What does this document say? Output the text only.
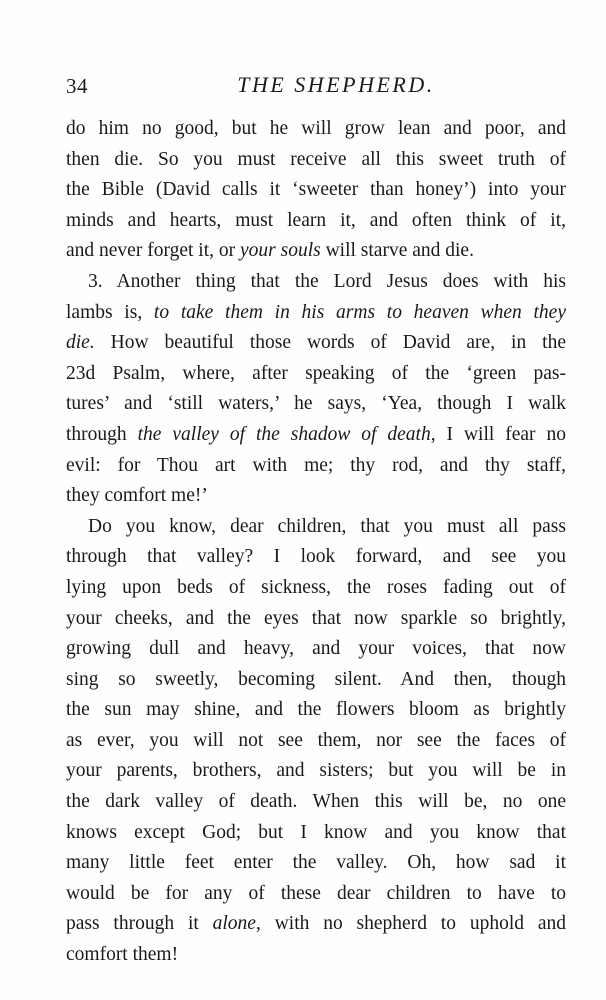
34	THE SHEPHERD.
do him no good, but he will grow lean and poor, and
then die. So you must receive all this sweet truth of
the Bible (David calls it ‘sweeter than honey’) into your
minds and hearts, must learn it, and often think of it,
and never forget it, or your souls will starve and die.
3. Another thing that the Lord Jesus does with his
lambs is, to take them in his arms to heaven when they
die. How beautiful those words of David are, in the
23d Psalm, where, after speaking of the ‘green pas-
tures’ and ‘still waters,’ he says, ‘Yea, though I walk
through the valley of the shadow of death, I will fear no
evil: for Thou art with me; thy rod, and thy staff,
they comfort me!’
Do you know, dear children, that you must all pass
through that valley? I look forward, and see you
lying upon beds of sickness, the roses fading out of
your cheeks, and the eyes that now sparkle so brightly,
growing dull and heavy, and your voices, that now
sing so sweetly, becoming silent. And then, though
the sun may shine, and the flowers bloom as brightly
as ever, you will not see them, nor see the faces of
your parents, brothers, and sisters; but you will be in
the dark valley of death. When this will be, no one
knows except God; but I know and you know that
many little feet enter the valley. Oh, how sad it
would be for any of these dear children to have to
pass through it alone, with no shepherd to uphold and
comfort them!
